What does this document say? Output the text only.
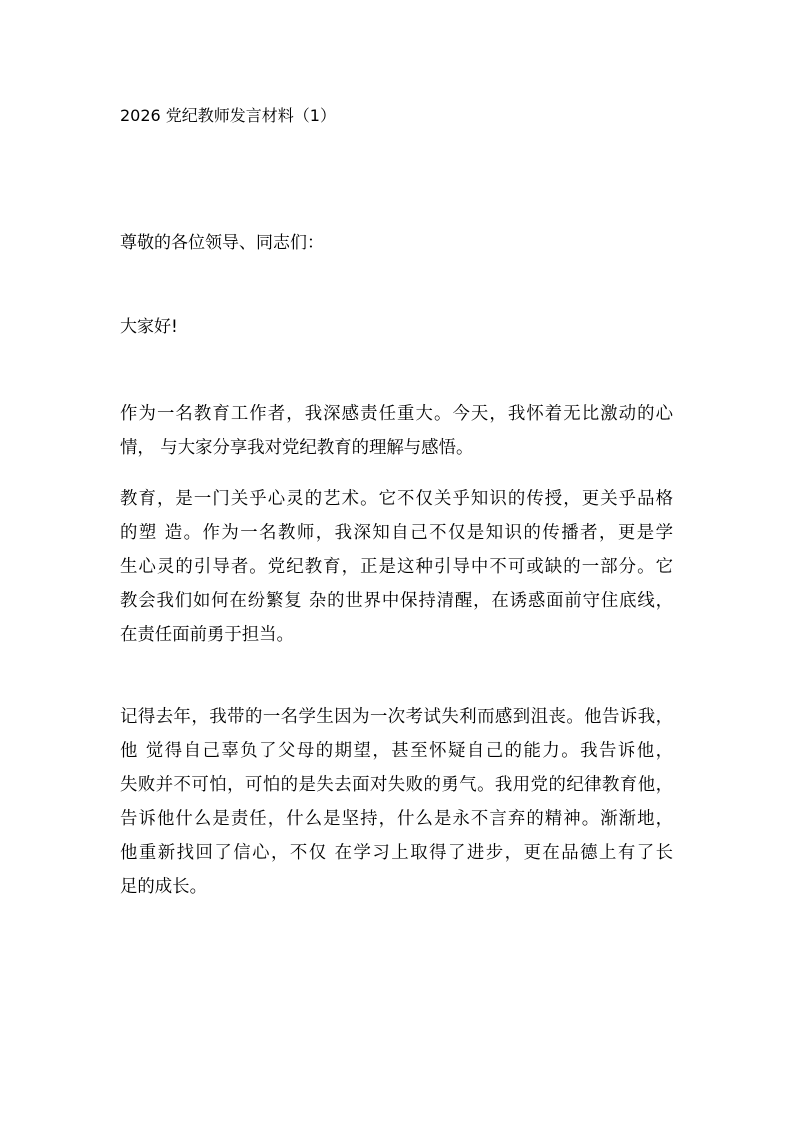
2026 党纪教师发言材料（1）
尊敬的各位领导、同志们：
大家好!
作为一名教育工作者，我深感责任重大。今天，我怀着无比激动的心
情， 与大家分享我对党纪教育的理解与感悟。
教育，是一门关乎心灵的艺术。它不仅关乎知识的传授，更关乎品格
的塑 造。作为一名教师，我深知自己不仅是知识的传播者，更是学
生心灵的引导者。党纪教育，正是这种引导中不可或缺的一部分。它
教会我们如何在纷繁复 杂的世界中保持清醒，在诱惑面前守住底线，
在责任面前勇于担当。
记得去年，我带的一名学生因为一次考试失利而感到沮丧。他告诉我，
他 觉得自己辜负了父母的期望，甚至怀疑自己的能力。我告诉他，
失败并不可怕，可怕的是失去面对失败的勇气。我用党的纪律教育他，
告诉他什么是责任，什么是坚持，什么是永不言弃的精神。渐渐地，
他重新找回了信心，不仅 在学习上取得了进步，更在品德上有了长
足的成长。
